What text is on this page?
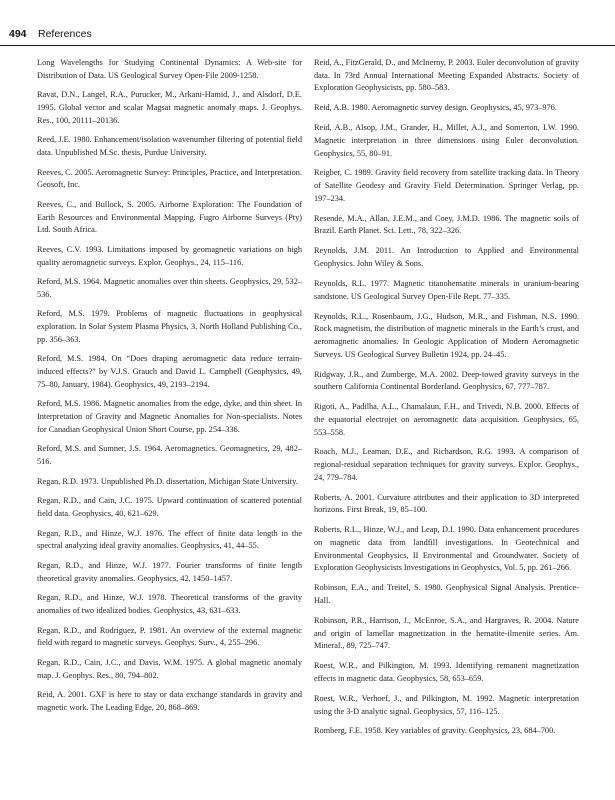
494 References

Long Wavelengths for Studying Continental Dynamics: A Web-site for Distribution of Data. US Geological Survey Open-File 2009-1258.

Ravat, D.N., Langel, R.A., Purucker, M., Arkani-Hamid, J., and Alsdorf, D.E. 1995. Global vector and scalar Magsat magnetic anomaly maps. J. Geophys. Res., 100, 20111–20136.

Reed, J.E. 1980. Enhancement/isolation wavenumber filtering of potential field data. Unpublished M.Sc. thesis, Purdue University.

Reeves, C. 2005. Aeromagnetic Survey: Principles, Practice, and Interpretation. Geosoft, Inc.

Reeves, C., and Bullock, S. 2005. Airborne Exploration: The Foundation of Earth Resources and Environmental Mapping. Fugro Airborne Surveys (Pty) Ltd. South Africa.

Reeves, C.V. 1993. Limitations imposed by geomagnetic variations on high quality aeromagnetic surveys. Explor. Geophys., 24, 115–116.

Reford, M.S. 1964. Magnetic anomalies over thin sheets. Geophysics, 29, 532–536.

Reford, M.S. 1979. Problems of magnetic fluctuations in geophysical exploration. In Solar System Plasma Physics, 3. North Holland Publishing Co., pp. 356–363.

Reford, M.S. 1984. On “Does draping aeromagnetic data reduce terrain-induced effects?” by V.J.S. Grauch and David L. Campbell (Geophysics, 49, 75–80, January, 1984). Geophysics, 49, 2193–2194.

Reford, M.S. 1986. Magnetic anomalies from the edge, dyke, and thin sheet. In Interpretation of Gravity and Magnetic Anomalies for Non-specialists. Notes for Canadian Geophysical Union Short Course, pp. 254–336.

Reford, M.S. and Sumner, J.S. 1964. Aeromagnetics. Geomagnetics, 29, 482–516.

Regan, R.D. 1973. Unpublished Ph.D. dissertation, Michigan State University.

Regan, R.D., and Cain, J.C. 1975. Upward continuation of scattered potential field data. Geophysics, 40, 621–629.

Regan, R.D., and Hinze, W.J. 1976. The effect of finite data length in the spectral analyzing ideal gravity anomalies. Geophysics, 41, 44–55.

Regan, R.D., and Hinze, W.J. 1977. Fourier transforms of finite length theoretical gravity anomalies. Geophysics, 42, 1450–1457.

Regan, R.D., and Hinze, W.J. 1978. Theoretical transforms of the gravity anomalies of two idealized bodies. Geophysics, 43, 631–633.

Regan, R.D., and Rodriguez, P. 1981. An overview of the external magnetic field with regard to magnetic surveys. Geophys. Surv., 4, 255–296.

Regan, R.D., Cain, J.C., and Davis, W.M. 1975. A global magnetic anomaly map. J. Geophys. Res., 80, 794–802.

Reid, A. 2001. GXF is here to stay or data exchange standards in gravity and magnetic work. The Leading Edge, 20, 868–869.

Reid, A., FitzGerald, D., and McInerny, P. 2003. Euler deconvolution of gravity data. In 73rd Annual International Meeting Expanded Abstracts. Society of Exploration Geophysicists, pp. 580–583.

Reid, A.B. 1980. Aeromagnetic survey design. Geophysics, 45, 973–976.

Reid, A.B., Alsop, J.M., Grander, H., Millet, A.J., and Somerton, I.W. 1990. Magnetic interpretation in three dimensions using Euler deconvolution. Geophysics, 55, 80–91.

Reigber, C. 1989. Gravity field recovery from satellite tracking data. In Theory of Satellite Geodesy and Gravity Field Determination. Springer Verlag, pp. 197–234.

Resende, M.A., Allan, J.E.M., and Coey, J.M.D. 1986. The magnetic soils of Brazil. Earth Planet. Sci. Lett., 78, 322–326.

Reynolds, J.M. 2011. An Introduction to Applied and Environmental Geophysics. John Wiley & Sons.

Reynolds, R.L. 1977. Magnetic titanohematite minerals in uranium-bearing sandstone. US Geological Survey Open-File Rept. 77–335.

Reynolds, R.L., Rosenbaum, J.G., Hudson, M.R., and Fishman, N.S. 1990. Rock magnetism, the distribution of magnetic minerals in the Earth’s crust, and aeromagnetic anomalies. In Geologic Application of Modern Aeromagnetic Surveys. US Geological Survey Bulletin 1924, pp. 24–45.

Ridgway, J.R., and Zumberge, M.A. 2002. Deep-towed gravity surveys in the southern California Continental Borderland. Geophysics, 67, 777–787.

Rigoti, A., Padilha, A.L., Chamalaun, F.H., and Trivedi, N.B. 2000. Effects of the equatorial electrojet on aeromagnetic data acquisition. Geophysics, 65, 553–558.

Roach, M.J., Leaman, D.E., and Richardson, R.G. 1993. A comparison of regional-residual separation techniques for gravity surveys. Explor. Geophys., 24, 779–784.

Roberts, A. 2001. Curvature attributes and their application to 3D interpreted horizons. First Break, 19, 85–100.

Roberts, R.L., Hinze, W.J., and Leap, D.I. 1990. Data enhancement procedures on magnetic data from landfill investigations. In Geotechnical and Environmental Geophysics, II Environmental and Groundwater. Society of Exploration Geophysicists Investigations in Geophysics, Vol. 5, pp. 261–266.

Robinson, E.A., and Treitel, S. 1980. Geophysical Signal Analysis. Prentice-Hall.

Robinson, P.R., Harrison, J., McEnroe, S.A., and Hargraves, R. 2004. Nature and origin of lamellar magnetization in the hematite-ilmenite series. Am. Mineral., 89, 725–747.

Roest, W.R., and Pilkington, M. 1993. Identifying remanent magnetization effects in magnetic data. Geophysics, 58, 653–659.

Roest, W.R., Verhoef, J., and Pilkington, M. 1992. Magnetic interpretation using the 3-D analytic signal. Geophysics, 57, 116–125.

Romberg, F.E. 1958. Key variables of gravity. Geophysics, 23, 684–700.
